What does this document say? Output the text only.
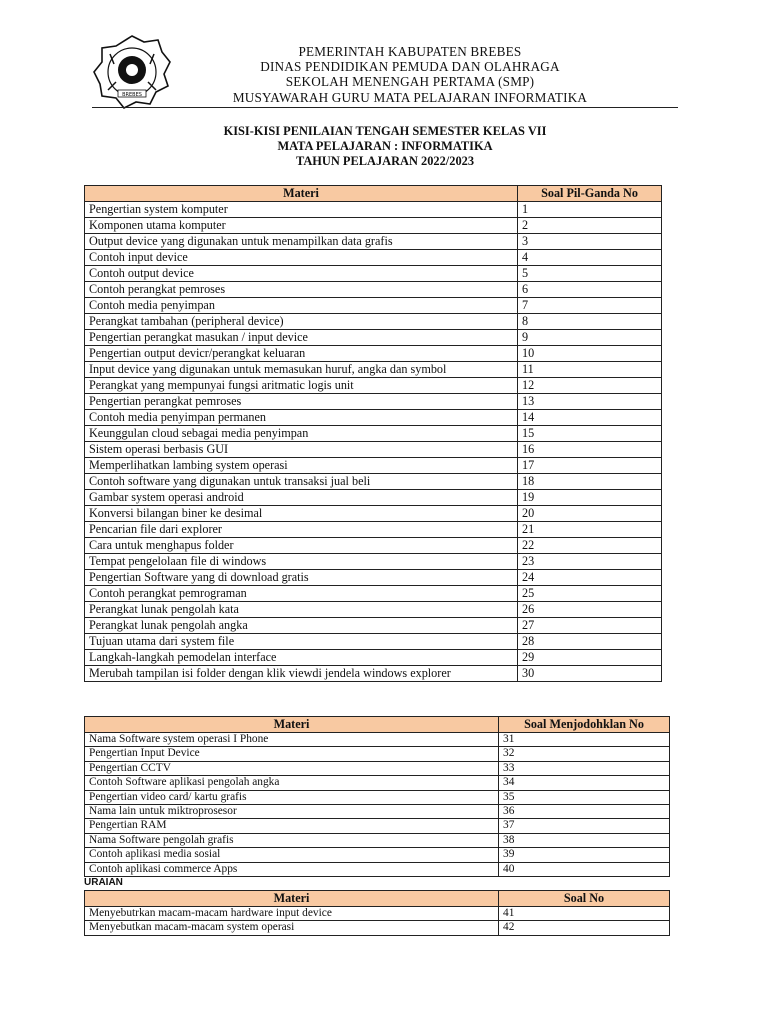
BREBES
PEMERINTAH KABUPATEN BREBES
DINAS PENDIDIKAN PEMUDA DAN OLAHRAGA
SEKOLAH MENENGAH PERTAMA (SMP)
MUSYAWARAH GURU MATA PELAJARAN INFORMATIKA
KISI-KISI PENILAIAN TENGAH SEMESTER KELAS VII
MATA PELAJARAN : INFORMATIKA
TAHUN PELAJARAN 2022/2023
Materi	Soal Pil-Ganda No
Pengertian system komputer	1
Komponen utama komputer	2
Output device yang digunakan untuk menampilkan data grafis	3
Contoh input device	4
Contoh output device	5
Contoh perangkat pemroses	6
Contoh media penyimpan	7
Perangkat tambahan (peripheral device)	8
Pengertian perangkat masukan / input device	9
Pengertian output devicr/perangkat keluaran	10
Input device yang digunakan untuk memasukan huruf, angka dan symbol	11
Perangkat yang mempunyai fungsi aritmatic logis unit	12
Pengertian perangkat pemroses	13
Contoh media penyimpan permanen	14
Keunggulan cloud sebagai media penyimpan	15
Sistem operasi berbasis GUI	16
Memperlihatkan lambing system operasi	17
Contoh software yang digunakan untuk transaksi jual beli	18
Gambar system operasi android	19
Konversi bilangan biner ke desimal	20
Pencarian file dari explorer	21
Cara untuk menghapus folder	22
Tempat pengelolaan file di windows	23
Pengertian Software yang di download gratis	24
Contoh perangkat pemrograman	25
Perangkat lunak pengolah kata	26
Perangkat lunak pengolah angka	27
Tujuan utama dari system file	28
Langkah-langkah pemodelan interface	29
Merubah tampilan isi folder dengan klik viewdi jendela windows explorer	30
Materi	Soal Menjodohklan No
Nama Software system operasi I Phone	31
Pengertian Input Device	32
Pengertian CCTV	33
Contoh Software aplikasi pengolah angka	34
Pengertian video card/ kartu grafis	35
Nama lain untuk miktroprosesor	36
Pengertian RAM	37
Nama Software pengolah grafis	38
Contoh aplikasi media sosial	39
Contoh aplikasi commerce Apps	40
URAIAN
Materi	Soal No
Menyebutrkan macam-macam hardware input device	41
Menyebutkan macam-macam system operasi	42
